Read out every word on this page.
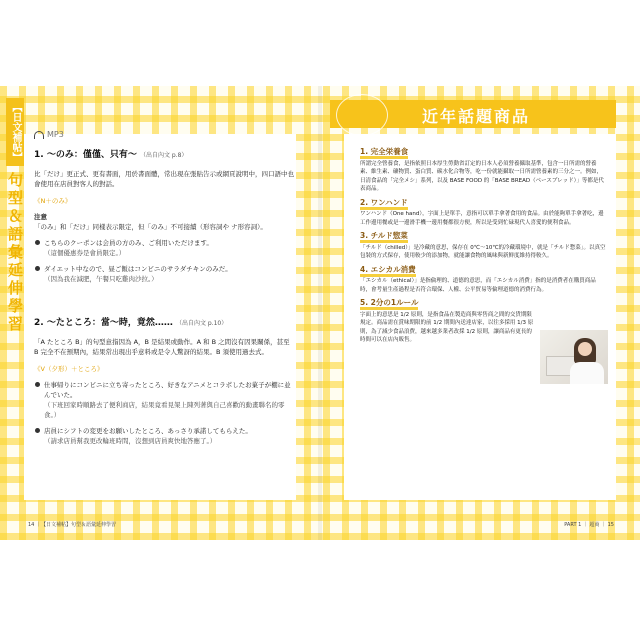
【日文補帖】
句型＆語彙延伸學習
MP3
1. ～のみ：僅僅、只有～ （出自內文 p.8）
比「だけ」更正式、更有書面，用於書面體，常出現在張貼告示或網頁說明中，四口語中也會使用在店員對客人的對話。
《N＋のみ》
注意
「のみ」和「だけ」同樣表示限定，但「のみ」不可接續（形容詞や ナ形容詞）。
こちらのクーポンは会員の方のみ、ご利用いただけます。
（這個優惠券是會員限定。）
ダイエット中なので、昼ご飯はコンビニのサラダチキンのみだ。
（因為我在減肥，午餐只吃雞肉沙拉。）
2. ～たところ：當～時，竟然…… （出自內文 p.10）
「A たところ B」的句型意指因為 A，B 是結果或動作。A 和 B 之間沒有因果關係，甚至 B 完全不在預期內，結果常出現出乎意料或是令人驚訝的結果。B 須使用過去式。
《V（夕形）＋ところ》
仕事帰りにコンビニに立ち寄ったところ、好きなアニメとコラボしたお菓子が棚に並んでいた。
（下班回家時順路去了便利商店，結果竟看見架上陳列著與自己喜歡的動畫聯名的零食。）
店員にシフトの変更をお願いしたところ、あっさり承諾してもらえた。
（請求店員幫我更改輪班時間，沒想到店員爽快地答應了。）
近年話題商品
1. 完全栄養食
所謂完全營養食，是指依照日本厚生勞動省訂定的日本人必須營養攝取基準，包含一日所需的營養素、維生素、礦物質、蛋白質、碳水化合物等，吃一份就能攝取一日所需營養素的三分之一。例如，日清食品的「完全メシ」系列，以及 BASE FOOD 的「BASE BREAD（ベースブレッド）」等都是代表商品。
2. ワンハンド
ワンハンド（One hand），字面上是單手，意指可以單手拿著食用的食品。由於能夠單手拿著吃，邊工作邊用餐或是一邊滑手機一邊用餐都很方便，所以是受到忙碌現代人喜愛的便利食品。
3. チルド惣菜
「チルド（chilled）」是冷藏的意思，保存在 0℃～10℃的冷藏環境中，就是「チルド惣菜」。以真空包裝的方式保存，使用較少的添加物，就能讓食物的風味與新鮮度維持得較久。
4. エシカル消費
「エシカル（ethical）」是指倫理的、道德的意思，而「エシカル消費」指的是消費者在購買商品時，會考量生產過程是否符合環保、人權、公平貿易等倫理道德的消費行為。
5. 2分の1ルール
字面上的意思是 1/2 原則，是指食品在製造商與零售商之間的交貨期限規定。商品需在賞味期限的前 1/2 期間內送達店家，以往多採用 1/3 原則，為了減少食品浪費，越來越多業者改採 1/2 原則，讓商品有更長的時間可以在店內販售。
14 ｜【日文補帖】句型＆語彙延伸學習	PART 1 ｜ 超商 ｜ 15
